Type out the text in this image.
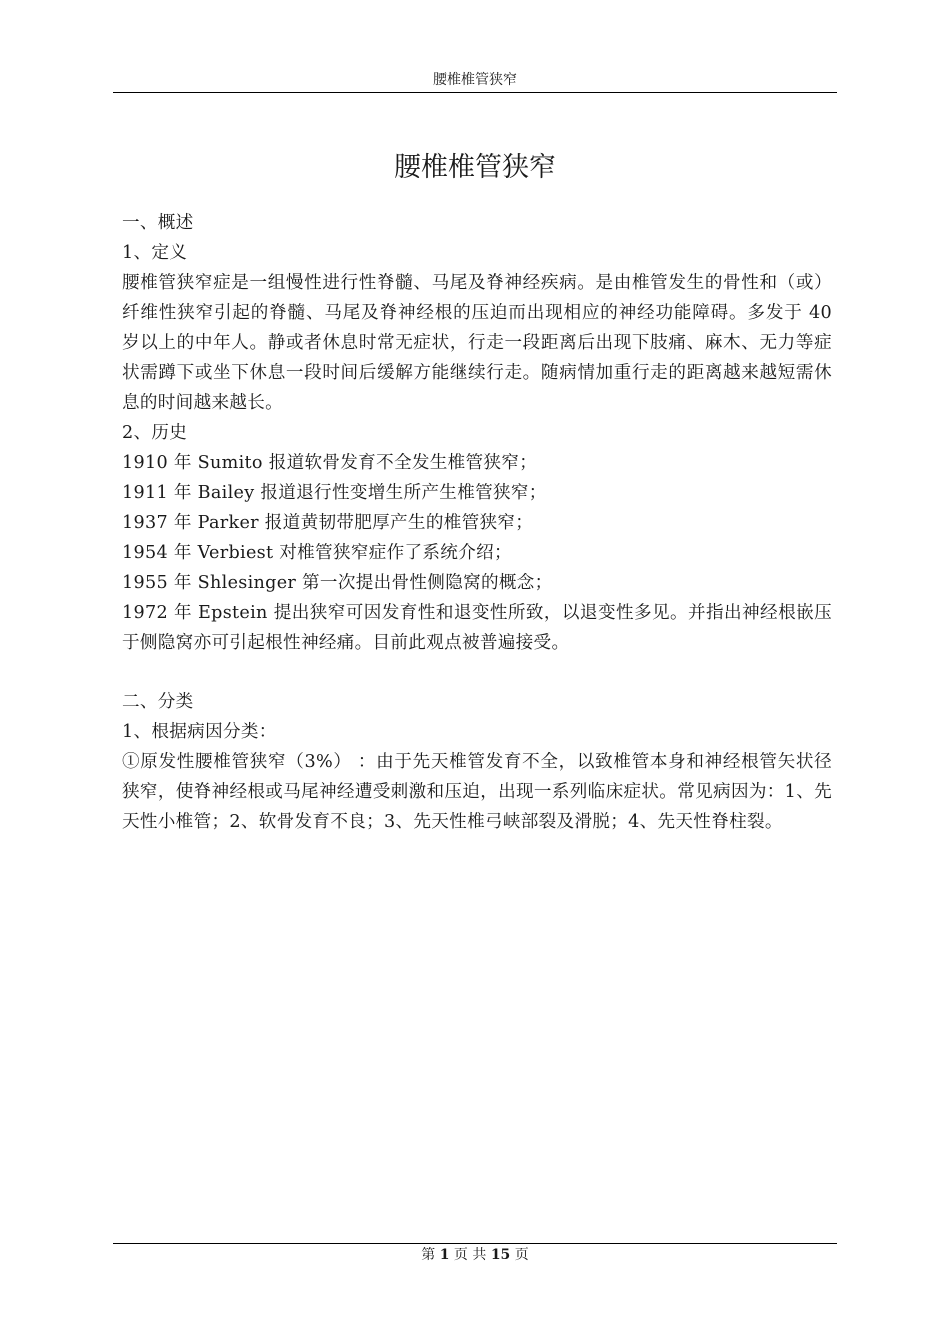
腰椎椎管狭窄
腰椎椎管狭窄

一、概述

1、定义

腰椎管狭窄症是一组慢性进行性脊髓、马尾及脊神经疾病。是由椎管发生的骨性和（或）纤维性狭窄引起的脊髓、马尾及脊神经根的压迫而出现相应的神经功能障碍。多发于 40 岁以上的中年人。静或者休息时常无症状，行走一段距离后出现下肢痛、麻木、无力等症状需蹲下或坐下休息一段时间后缓解方能继续行走。随病情加重行走的距离越来越短需休息的时间越来越长。

2、历史

1910 年 Sumito 报道软骨发育不全发生椎管狭窄；

1911 年 Bailey 报道退行性变增生所产生椎管狭窄；

1937 年 Parker 报道黄韧带肥厚产生的椎管狭窄；

1954 年 Verbiest 对椎管狭窄症作了系统介绍；

1955 年 Shlesinger 第一次提出骨性侧隐窝的概念；

1972 年 Epstein 提出狭窄可因发育性和退变性所致，以退变性多见。并指出神经根嵌压于侧隐窝亦可引起根性神经痛。目前此观点被普遍接受。

二、分类

1、根据病因分类：

①原发性腰椎管狭窄（3%） ：由于先天椎管发育不全，以致椎管本身和神经根管矢状径狭窄，使脊神经根或马尾神经遭受刺激和压迫，出现一系列临床症状。常见病因为：1、先天性小椎管；2、软骨发育不良；3、先天性椎弓峡部裂及滑脱；4、先天性脊柱裂。

第 1 页 共 15 页
